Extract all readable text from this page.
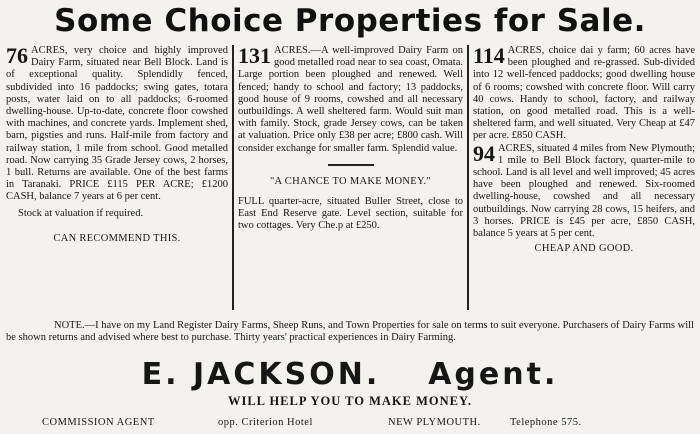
Some Choice Properties for Sale.

76 ACRES, very choice and highly improved Dairy Farm, situated near Bell Block. Land is of exceptional quality. Splendidly fenced, subdivided into 16 paddocks; swing gates, totara posts, water laid on to all paddocks; 6-roomed dwelling-house. Up-to-date, concrete floor cowshed with machines, and concrete yards. Implement shed, barn, pigsties and runs. Half-mile from factory and railway station, 1 mile from school. Good metalled road. Now carrying 35 Grade Jersey cows, 2 horses, 1 bull. Returns are available. One of the best farms in Taranaki. PRICE £115 PER ACRE; £1200 CASH, balance 7 years at 6 per cent.

Stock at valuation if required.

CAN RECOMMEND THIS.

131 ACRES.—A well-improved Dairy Farm on good metalled road near to sea coast, Omata. Large portion been ploughed and renewed. Well fenced; handy to school and factory; 13 paddocks, good house of 9 rooms, cowshed and all necessary outbuildings. A well sheltered farm. Would suit man with family. Stock, grade Jersey cows, can be taken at valuation. Price only £38 per acre; £800 cash. Will consider exchange for smaller farm. Splendid value.

"A CHANCE TO MAKE MONEY."

FULL quarter-acre, situated Buller Street, close to East End Reserve gate. Level section, suitable for two cottages. Very Che.p at £250.

114 ACRES, choice dai y farm; 60 acres have been ploughed and re-grassed. Sub-divided into 12 well-fenced paddocks; good dwelling house of 6 rooms; cowshed with concrete floor. Will carry 40 cows. Handy to school, factory, and railway station, on good metalled road. This is a well-sheltered farm, and well situated. Very Cheap at £47 per acre. £850 CASH.

94 ACRES, situated 4 miles from New Plymouth; 1 mile to Bell Block factory, quarter-mile to school. Land is all level and well improved; 45 acres have been ploughed and renewed. Six-roomed dwelling-house, cowshed and all necessary outbuildings. Now carrying 28 cows, 15 heifers, and 3 horses. PRICE is £45 per acre, £850 CASH, balance 5 years at 5 per cent.

CHEAP AND GOOD.

NOTE.—I have on my Land Register Dairy Farms, Sheep Runs, and Town Properties for sale on terms to suit everyone. Purchasers of Dairy Farms will be shown returns and advised where best to purchase. Thirty years' practical experiences in Dairy Farming.
E. JACKSON. Agent.
WILL HELP YOU TO MAKE MONEY.
COMMISSION AGENT	opp. Criterion Hotel	NEW PLYMOUTH.	Telephone 575.
